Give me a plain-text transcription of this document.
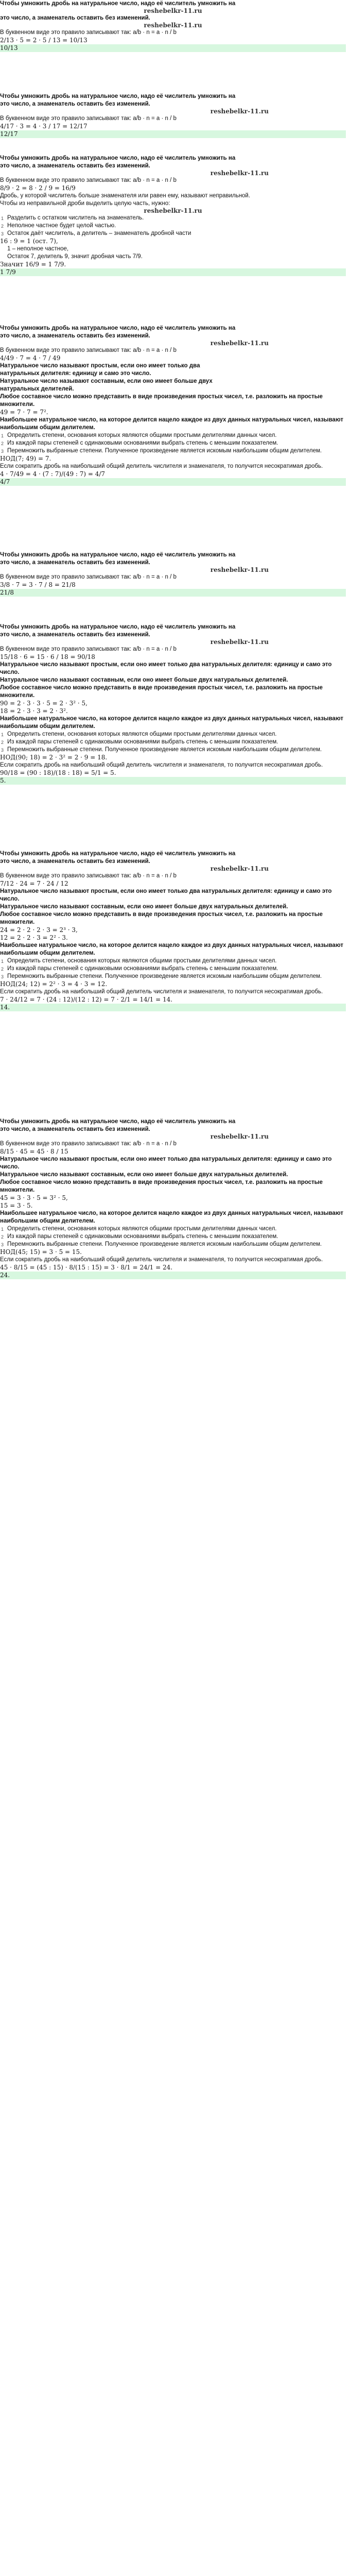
Чтобы умножить дробь на натуральное число, надо её числитель умножить на
reshebelkr-11.ru
это число, а знаменатель оставить без изменений.
reshebelkr-11.ru
В буквенном виде это правило записывают так: a/b · n = a · n / b
2/13 · 5 = 2 · 5 / 13 = 10/13
10/13
Чтобы умножить дробь на натуральное число, надо её числитель умножить на
это число, а знаменатель оставить без изменений.
reshebelkr-11.ru
В буквенном виде это правило записывают так: a/b · n = a · n / b
4/17 · 3 = 4 · 3 / 17 = 12/17
12/17
Чтобы умножить дробь на натуральное число, надо её числитель умножить на
это число, а знаменатель оставить без изменений.
reshebelkr-11.ru
В буквенном виде это правило записывают так: a/b · n = a · n / b
8/9 · 2 = 8 · 2 / 9 = 16/9
Дробь, у которой числитель больше знаменателя или равен ему, называют неправильной.
Чтобы из неправильной дроби выделить целую часть, нужно:
reshebelkr-11.ru
1 Разделить с остатком числитель на знаменатель.
2 Неполное частное будет целой частью.
3 Остаток даёт числитель, а делитель – знаменатель дробной части
16 : 9 = 1 (ост. 7),
1 – неполное частное,
Остаток 7, делитель 9, значит дробная часть 7/9.
Значит 16/9 = 1 7/9.
1 7/9
Чтобы умножить дробь на натуральное число, надо её числитель умножить на
это число, а знаменатель оставить без изменений.
reshebelkr-11.ru
В буквенном виде это правило записывают так: a/b · n = a · n / b
4/49 · 7 = 4 · 7 / 49
Натуральное число называют простым, если оно имеет только два
натуральных делителя: единицу и само это число.
Натуральное число называют составным, если оно имеет больше двух
натуральных делителей.
Любое составное число можно представить в виде произведения простых чисел, т.е. разложить на простые множители.
49 = 7 · 7 = 7².
Наибольшее натуральное число, на которое делится нацело каждое из двух данных натуральных чисел, называют наибольшим общим делителем.
1 Определить степени, основания которых являются общими простыми делителями данных чисел.
2 Из каждой пары степеней с одинаковыми основаниями выбрать степень с меньшим показателем.
3 Перемножить выбранные степени. Полученное произведение является искомым наибольшим общим делителем.
НОД(7; 49) = 7.
Если сократить дробь на наибольший общий делитель числителя и знаменателя, то получится несократимая дробь.
4 · 7/49 = 4 · (7 : 7)/(49 : 7) = 4/7
4/7
Чтобы умножить дробь на натуральное число, надо её числитель умножить на
это число, а знаменатель оставить без изменений.
reshebelkr-11.ru
В буквенном виде это правило записывают так: a/b · n = a · n / b
3/8 · 7 = 3 · 7 / 8 = 21/8
21/8
Чтобы умножить дробь на натуральное число, надо её числитель умножить на
это число, а знаменатель оставить без изменений.
reshebelkr-11.ru
В буквенном виде это правило записывают так: a/b · n = a · n / b
15/18 · 6 = 15 · 6 / 18 = 90/18
Натуральное число называют простым, если оно имеет только два натуральных делителя: единицу и само это число.
Натуральное число называют составным, если оно имеет больше двух натуральных делителей.
Любое составное число можно представить в виде произведения простых чисел, т.е. разложить на простые множители.
90 = 2 · 3 · 3 · 5 = 2 · 3² · 5,
18 = 2 · 3 · 3 = 2 · 3².
Наибольшее натуральное число, на которое делится нацело каждое из двух данных натуральных чисел, называют наибольшим общим делителем.
1 Определить степени, основания которых являются общими простыми делителями данных чисел.
2 Из каждой пары степеней с одинаковыми основаниями выбрать степень с меньшим показателем.
3 Перемножить выбранные степени. Полученное произведение является искомым наибольшим общим делителем.
НОД(90; 18) = 2 · 3² = 2 · 9 = 18.
Если сократить дробь на наибольший общий делитель числителя и знаменателя, то получится несократимая дробь.
90/18 = (90 : 18)/(18 : 18) = 5/1 = 5.
5.
Чтобы умножить дробь на натуральное число, надо её числитель умножить на
это число, а знаменатель оставить без изменений.
reshebelkr-11.ru
В буквенном виде это правило записывают так: a/b · n = a · n / b
7/12 · 24 = 7 · 24 / 12
Натуральное число называют простым, если оно имеет только два натуральных делителя: единицу и само это число.
Натуральное число называют составным, если оно имеет больше двух натуральных делителей.
Любое составное число можно представить в виде произведения простых чисел, т.е. разложить на простые множители.
24 = 2 · 2 · 2 · 3 = 2³ · 3,
12 = 2 · 2 · 3 = 2² · 3.
Наибольшее натуральное число, на которое делится нацело каждое из двух данных натуральных чисел, называют наибольшим общим делителем.
1 Определить степени, основания которых являются общими простыми делителями данных чисел.
2 Из каждой пары степеней с одинаковыми основаниями выбрать степень с меньшим показателем.
3 Перемножить выбранные степени. Полученное произведение является искомым наибольшим общим делителем.
НОД(24; 12) = 2² · 3 = 4 · 3 = 12.
Если сократить дробь на наибольший общий делитель числителя и знаменателя, то получится несократимая дробь.
7 · 24/12 = 7 · (24 : 12)/(12 : 12) = 7 · 2/1 = 14/1 = 14.
14.
Чтобы умножить дробь на натуральное число, надо её числитель умножить на
это число, а знаменатель оставить без изменений.
reshebelkr-11.ru
В буквенном виде это правило записывают так: a/b · n = a · n / b
8/15 · 45 = 45 · 8 / 15
Натуральное число называют простым, если оно имеет только два натуральных делителя: единицу и само это число.
Натуральное число называют составным, если оно имеет больше двух натуральных делителей.
Любое составное число можно представить в виде произведения простых чисел, т.е. разложить на простые множители.
45 = 3 · 3 · 5 = 3² · 5,
15 = 3 · 5.
Наибольшее натуральное число, на которое делится нацело каждое из двух данных натуральных чисел, называют наибольшим общим делителем.
1 Определить степени, основания которых являются общими простыми делителями данных чисел.
2 Из каждой пары степеней с одинаковыми основаниями выбрать степень с меньшим показателем.
3 Перемножить выбранные степени. Полученное произведение является искомым наибольшим общим делителем.
НОД(45; 15) = 3 · 5 = 15.
Если сократить дробь на наибольший общий делитель числителя и знаменателя, то получится несократимая дробь.
45 · 8/15 = (45 : 15) · 8/(15 : 15) = 3 · 8/1 = 24/1 = 24.
24.
